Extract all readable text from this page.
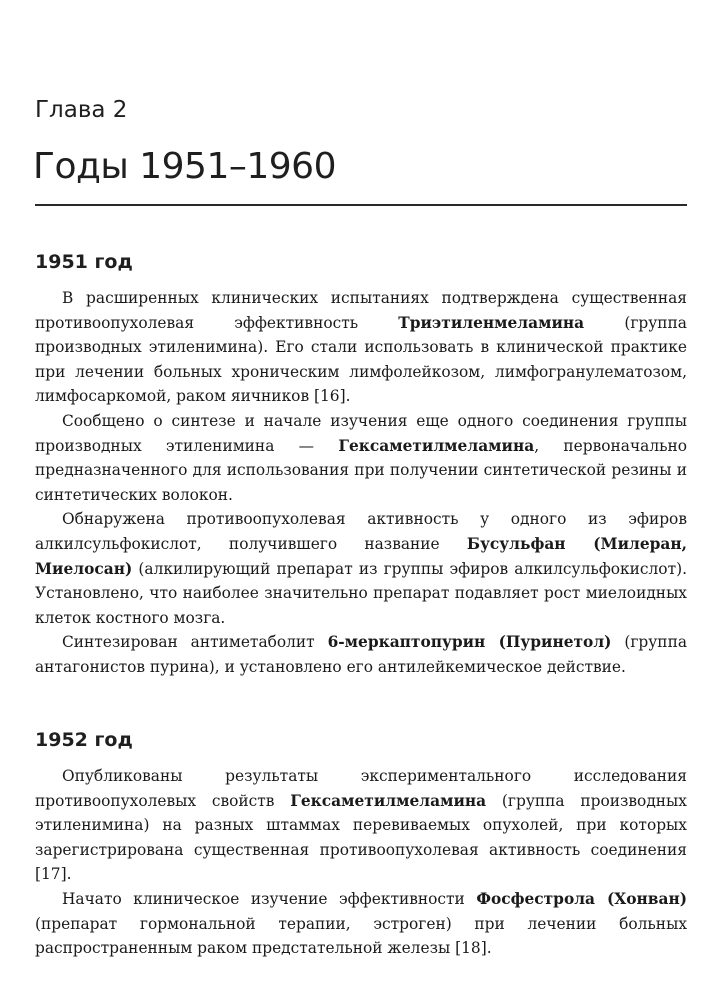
Глава 2
Годы 1951–1960
1951 год

В расширенных клинических испытаниях подтверждена существенная противоопухолевая эффективность Триэтиленмеламина (группа производных этиленимина). Его стали использовать в клинической практике при лечении больных хроническим лимфолейкозом, лимфогранулематозом, лимфосаркомой, раком яичников [16].

Сообщено о синтезе и начале изучения еще одного соединения группы производных этиленимина — Гексаметилмеламина, первоначально предназначенного для использования при получении синтетической резины и синтетических волокон.

Обнаружена противоопухолевая активность у одного из эфиров алкилсульфокислот, получившего название Бусульфан (Милеран, Миелосан) (алкилирующий препарат из группы эфиров алкилсульфокислот). Установлено, что наиболее значительно препарат подавляет рост миелоидных клеток костного мозга.

Синтезирован антиметаболит 6-меркаптопурин (Пуринетол) (группа антагонистов пурина), и установлено его антилейкемическое действие.

1952 год

Опубликованы результаты экспериментального исследования противоопухолевых свойств Гексаметилмеламина (группа производных этиленимина) на разных штаммах перевиваемых опухолей, при которых зарегистрирована существенная противоопухолевая активность соединения [17].

Начато клиническое изучение эффективности Фосфестрола (Хонван) (препарат гормональной терапии, эстроген) при лечении больных распространенным раком предстательной железы [18].
